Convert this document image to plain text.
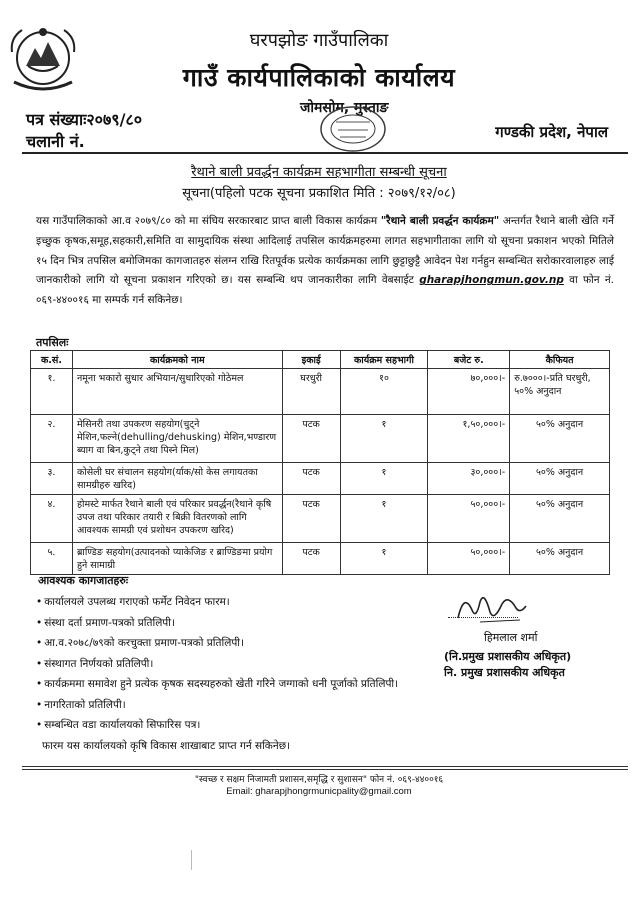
घरपझोङ गाउँपालिका
गाउँ कार्यपालिकाको कार्यालय
जोमसोम, मुस्ताङ
पत्र संख्याः२०७९/८०
चलानी नं.	गण्डकी प्रदेश, नेपाल
रैथाने बाली प्रवर्द्धन कार्यक्रम सहभागीता सम्बन्धी सूचना
सूचना(पहिलो पटक सूचना प्रकाशित मिति : २०७९/१२/०८)
यस गाउँपालिकाको आ.व २०७९/८० को मा संघिय सरकारबाट प्राप्त बाली विकास कार्यक्रम "रैथाने बाली प्रवर्द्धन कार्यक्रम" अन्तर्गत रैथाने बाली खेति गर्ने इच्छुक कृषक,समूह,सहकारी,समिति वा सामुदायिक संस्था आदिलाई तपसिल कार्यक्रमहरुमा लागत सहभागीताका लागि यो सूचना प्रकाशन भएको मितिले १५ दिन भित्र तपसिल बमोजिमका कागजातहरु संलग्न राखि रितपूर्वक प्रत्येक कार्यक्रमका लागि छुट्टाछुट्टै आवेदन पेश गर्नहुन सम्बन्धित सरोकारवालाहरु लाई जानकारीको लागि यो सूचना प्रकाशन गरिएको छ। यस सम्बन्धि थप जानकारीका लागि वेबसाईट gharapjhongmun.gov.np वा फोन नं. ०६९-४४००१६ मा सम्पर्क गर्न सकिनेछ।
तपसिलः
क.सं.	कार्यक्रमको नाम	इकाई	कार्यक्रम सहभागी	बजेट रु.	कैफियत
१.	नमूना भकारो सुधार अभियान/सुधारिएको गोठेमल	घरधुरी	१०	७०,०००।-	रु.७०००।-प्रति घरधुरी, ५०% अनुदान
२.	मेसिनरी तथा उपकरण सहयोग(चुट्ने मेशिन,फल्ने(dehulling/dehusking) मेशिन,भण्डारण ब्याग वा बिन,कुट्ने तथा पिस्ने मिल)	पटक	१	१,५०,०००।-	५०% अनुदान
३.	कोसेली घर संचालन सहयोग(र्याक/सो केस लगायतका सामग्रीहरु खरिद)	पटक	१	३०,०००।-	५०% अनुदान
४.	होमस्टे मार्फत रैथाने बाली एवं परिकार प्रवर्द्धन(रैथाने कृषि उपज तथा परिकार तयारी र बिक्री वितरणको लागि आवश्यक सामग्री एवं प्रशोधन उपकरण खरिद)	पटक	१	५०,०००।-	५०% अनुदान
५.	ब्राण्डिङ सहयोग(उत्पादनको प्याकेजिङ र ब्राण्डिङमा प्रयोग हुने सामाग्री	पटक	१	५०,०००।-	५०% अनुदान
आवश्यक कागजातहरुः
• कार्यालयले उपलब्ध गराएको फर्मेट निवेदन फारम।
• संस्था दर्ता प्रमाण-पत्रको प्रतिलिपी।
• आ.व.२०७८/७९को करचुक्ता प्रमाण-पत्रको प्रतिलिपी।
• संस्थागत निर्णयको प्रतिलिपी।
• कार्यक्रममा समावेश हुने प्रत्येक कृषक सदस्यहरुको खेती गरिने जग्गाको धनी पूर्जाको प्रतिलिपी।
• नागरिताको प्रतिलिपी।
• सम्बन्धित वडा कार्यालयको सिफारिस पत्र।
फारम यस कार्यालयको कृषि विकास शाखाबाट प्राप्त गर्न सकिनेछ।
हिमलाल शर्मा
(नि.प्रमुख प्रशासकीय अधिकृत)
नि. प्रमुख प्रशासकीय अधिकृत
"स्वच्छ र सक्षम निजामती प्रशासन,समृद्धि र सुशासन" फोन नं. ०६९-४४००१६
Email: gharapjhongrmunicpality@gmail.com
